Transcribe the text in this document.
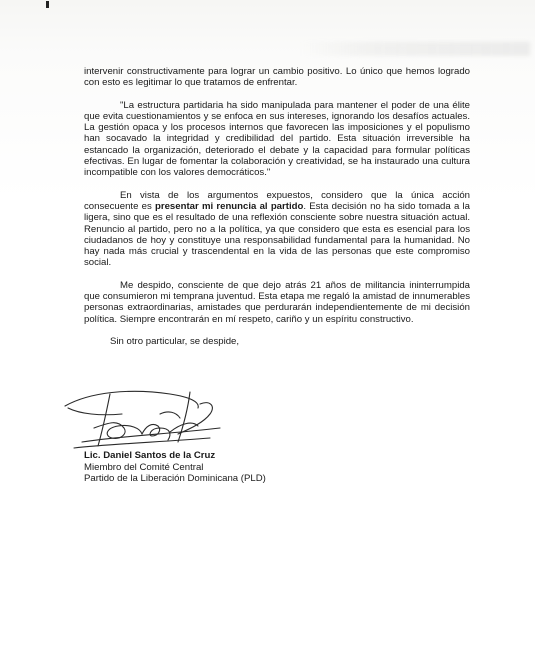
intervenir constructivamente para lograr un cambio positivo. Lo único que hemos logrado con esto es legitimar lo que tratamos de enfrentar.

"La estructura partidaria ha sido manipulada para mantener el poder de una élite que evita cuestionamientos y se enfoca en sus intereses, ignorando los desafíos actuales. La gestión opaca y los procesos internos que favorecen las imposiciones y el populismo han socavado la integridad y credibilidad del partido. Esta situación irreversible ha estancado la organización, deteriorado el debate y la capacidad para formular políticas efectivas. En lugar de fomentar la colaboración y creatividad, se ha instaurado una cultura incompatible con los valores democráticos."

En vista de los argumentos expuestos, considero que la única acción consecuente es presentar mi renuncia al partido. Esta decisión no ha sido tomada a la ligera, sino que es el resultado de una reflexión consciente sobre nuestra situación actual. Renuncio al partido, pero no a la política, ya que considero que esta es esencial para los ciudadanos de hoy y constituye una responsabilidad fundamental para la humanidad. No hay nada más crucial y trascendental en la vida de las personas que este compromiso social.

Me despido, consciente de que dejo atrás 21 años de militancia ininterrumpida que consumieron mi temprana juventud. Esta etapa me regaló la amistad de innumerables personas extraordinarias, amistades que perdurarán independientemente de mi decisión política. Siempre encontrarán en mí respeto, cariño y un espíritu constructivo.

Sin otro particular, se despide,

Lic. Daniel Santos de la Cruz
Miembro del Comité Central
Partido de la Liberación Dominicana (PLD)
